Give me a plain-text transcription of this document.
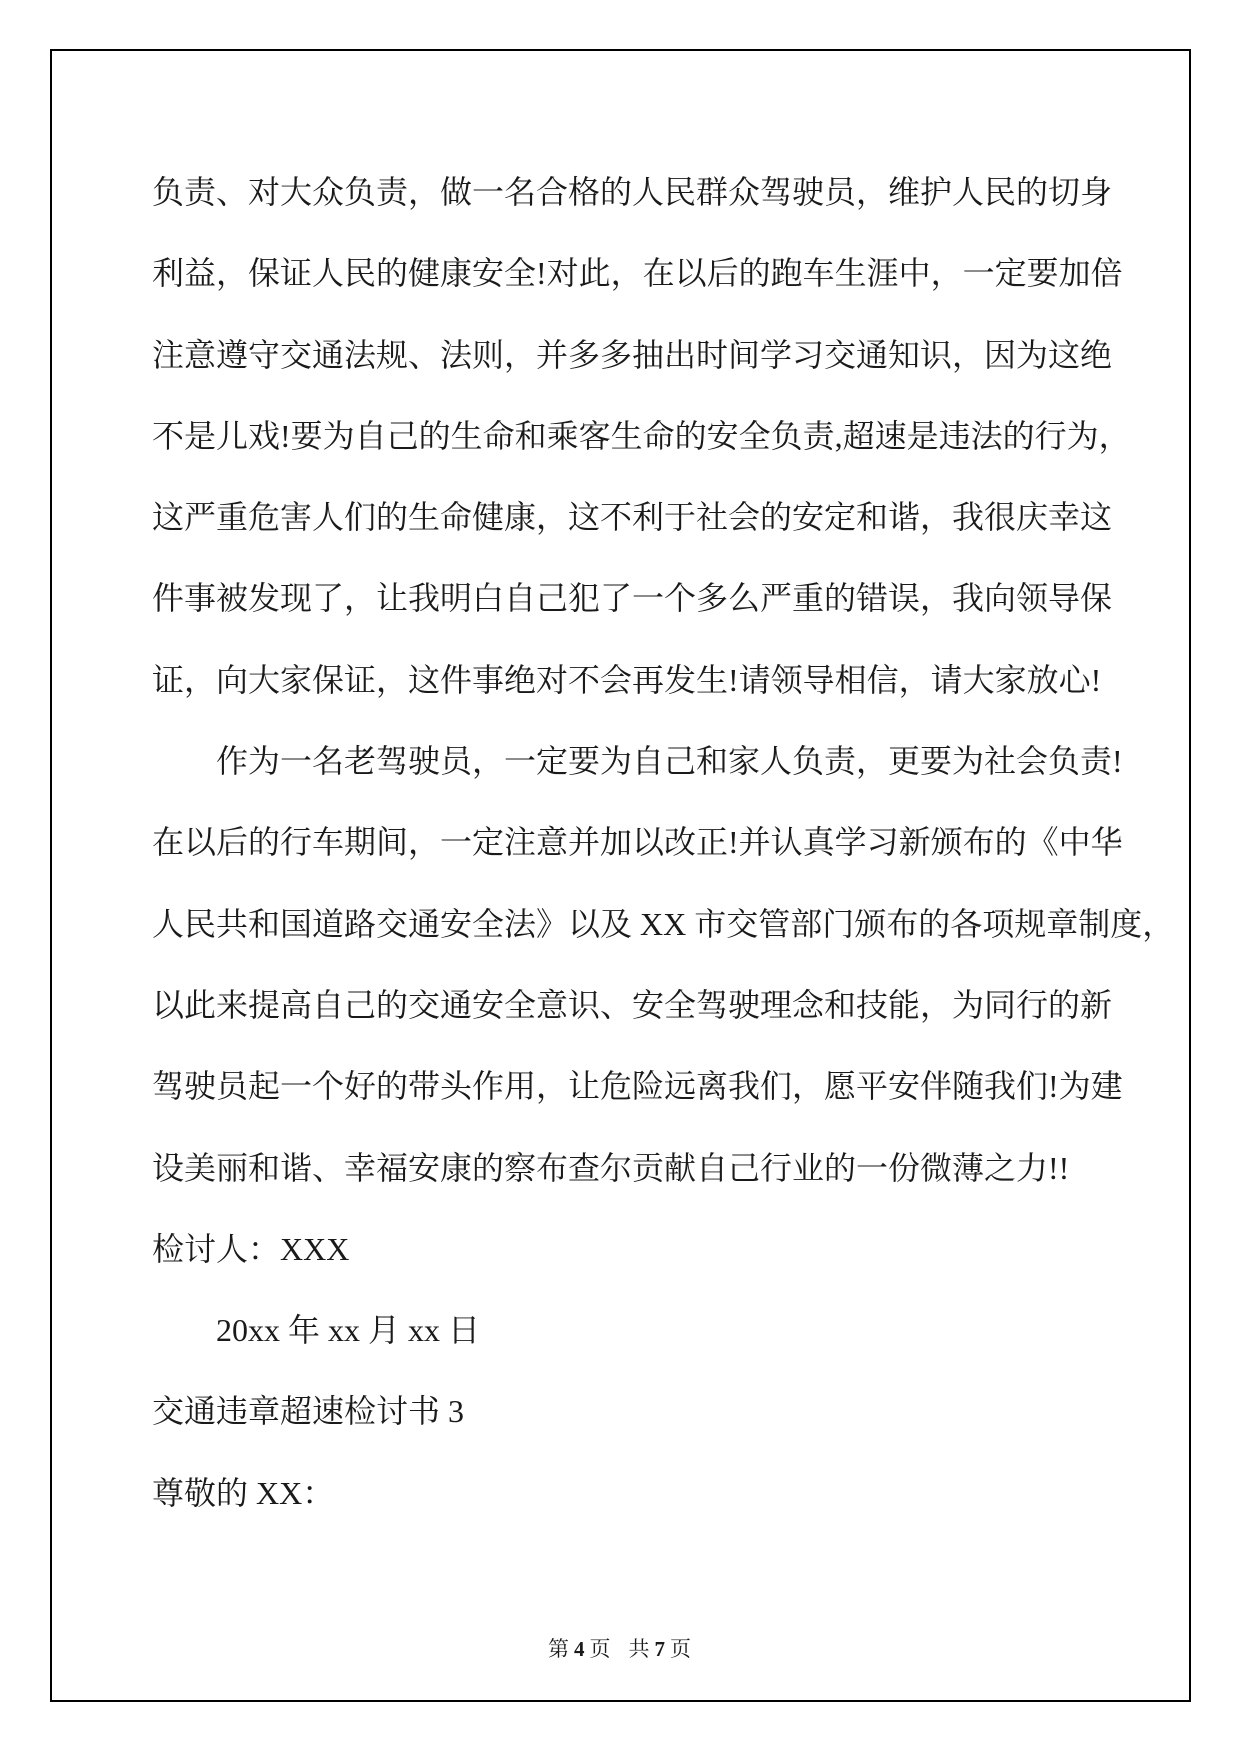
负责、对大众负责，做一名合格的人民群众驾驶员，维护人民的切身
利益，保证人民的健康安全!对此，在以后的跑车生涯中，一定要加倍
注意遵守交通法规、法则，并多多抽出时间学习交通知识，因为这绝
不是儿戏!要为自己的生命和乘客生命的安全负责,超速是违法的行为，
这严重危害人们的生命健康，这不利于社会的安定和谐，我很庆幸这
件事被发现了，让我明白自己犯了一个多么严重的错误，我向领导保
证，向大家保证，这件事绝对不会再发生!请领导相信，请大家放心!
作为一名老驾驶员，一定要为自己和家人负责，更要为社会负责!
在以后的行车期间，一定注意并加以改正!并认真学习新颁布的《中华
人民共和国道路交通安全法》以及 XX 市交管部门颁布的各项规章制度，
以此来提高自己的交通安全意识、安全驾驶理念和技能，为同行的新
驾驶员起一个好的带头作用，让危险远离我们，愿平安伴随我们!为建
设美丽和谐、幸福安康的察布查尔贡献自己行业的一份微薄之力!!
检讨人：XXX
20xx 年 xx 月 xx 日
交通违章超速检讨书 3
尊敬的 XX：
第 4 页 共 7 页
